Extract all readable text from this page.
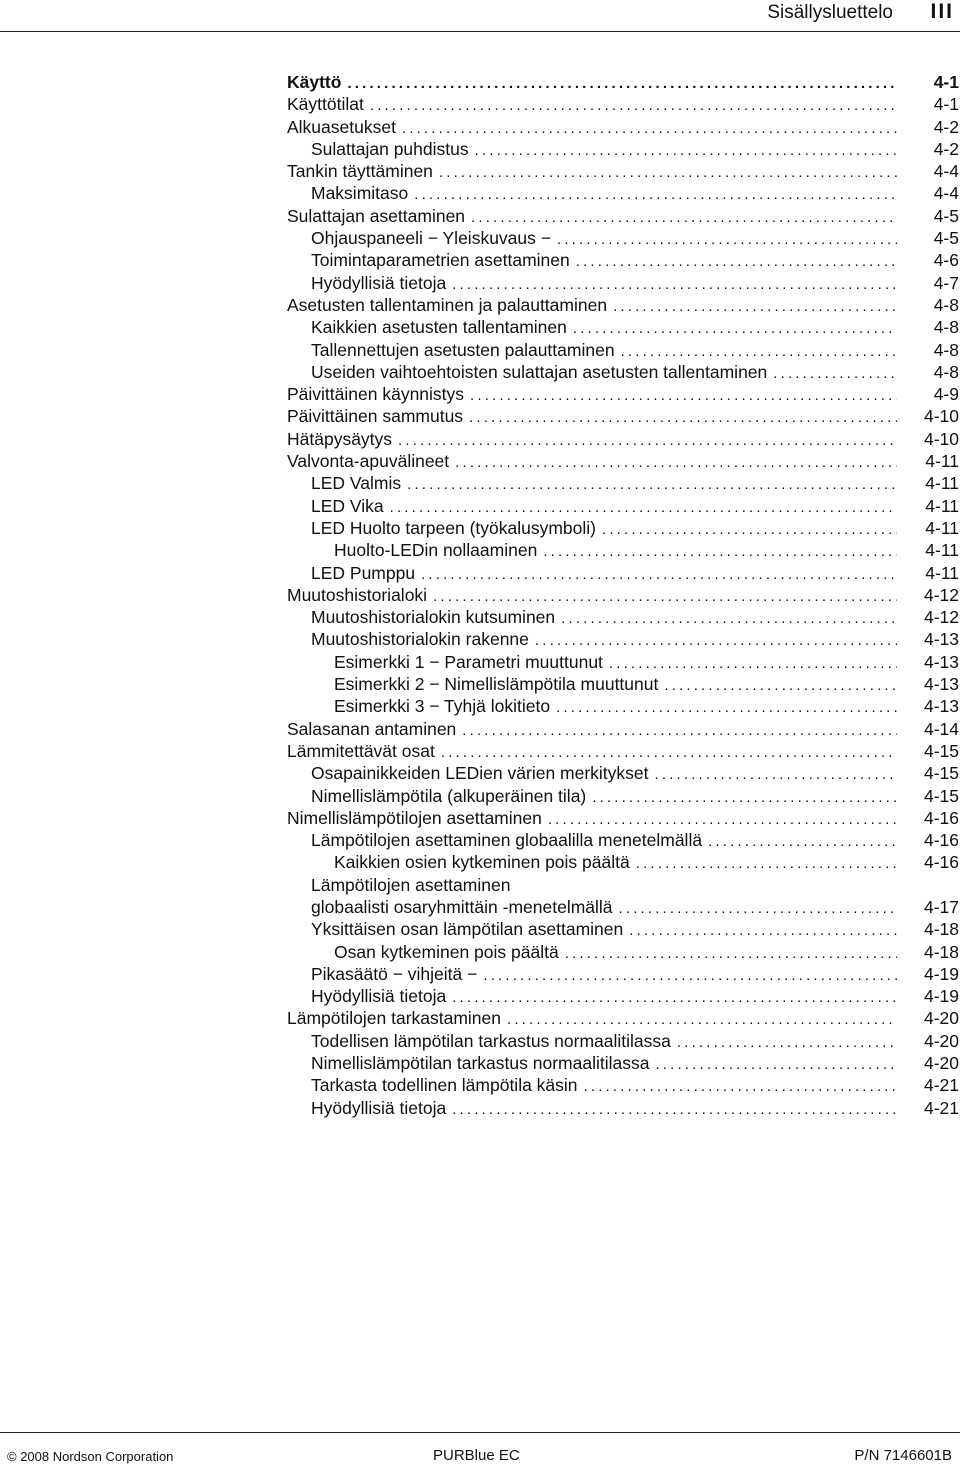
Sisällysluettelo III
Käyttö . . .	4-1
Käyttötilat . . .	4-1
Alkuasetukset . . .	4-2
Sulattajan puhdistus . . .	4-2
Tankin täyttäminen . . .	4-4
Maksimitaso . . .	4-4
Sulattajan asettaminen . . .	4-5
Ohjauspaneeli − Yleiskuvaus − . . .	4-5
Toimintaparametrien asettaminen . . .	4-6
Hyödyllisiä tietoja . . .	4-7
Asetusten tallentaminen ja palauttaminen . . .	4-8
Kaikkien asetusten tallentaminen . . .	4-8
Tallennettujen asetusten palauttaminen . . .	4-8
Useiden vaihtoehtoisten sulattajan asetusten tallentaminen . . .	4-8
Päivittäinen käynnistys . . .	4-9
Päivittäinen sammutus . . .	4-10
Hätäpysäytys . . .	4-10
Valvonta-apuvälineet . . .	4-11
LED Valmis . . .	4-11
LED Vika . . .	4-11
LED Huolto tarpeen (työkalusymboli) . . .	4-11
Huolto-LEDin nollaaminen . . .	4-11
LED Pumppu . . .	4-11
Muutoshistorialoki . . .	4-12
Muutoshistorialokin kutsuminen . . .	4-12
Muutoshistorialokin rakenne . . .	4-13
Esimerkki 1 − Parametri muuttunut . . .	4-13
Esimerkki 2 − Nimellislämpötila muuttunut . . .	4-13
Esimerkki 3 − Tyhjä lokitieto . . .	4-13
Salasanan antaminen . . .	4-14
Lämmitettävät osat . . .	4-15
Osapainikkeiden LEDien värien merkitykset . . .	4-15
Nimellislämpötila (alkuperäinen tila) . . .	4-15
Nimellislämpötilojen asettaminen . . .	4-16
Lämpötilojen asettaminen globaalilla menetelmällä . . .	4-16
Kaikkien osien kytkeminen pois päältä . . .	4-16
Lämpötilojen asettaminen
globaalisti osaryhmittäin -menetelmällä . . .	4-17
Yksittäisen osan lämpötilan asettaminen . . .	4-18
Osan kytkeminen pois päältä . . .	4-18
Pikasäätö − vihjeitä − . . .	4-19
Hyödyllisiä tietoja . . .	4-19
Lämpötilojen tarkastaminen . . .	4-20
Todellisen lämpötilan tarkastus normaalitilassa . . .	4-20
Nimellislämpötilan tarkastus normaalitilassa . . .	4-20
Tarkasta todellinen lämpötila käsin . . .	4-21
Hyödyllisiä tietoja . . .	4-21
© 2008 Nordson Corporation	PURBlue EC	P/N 7146601B
